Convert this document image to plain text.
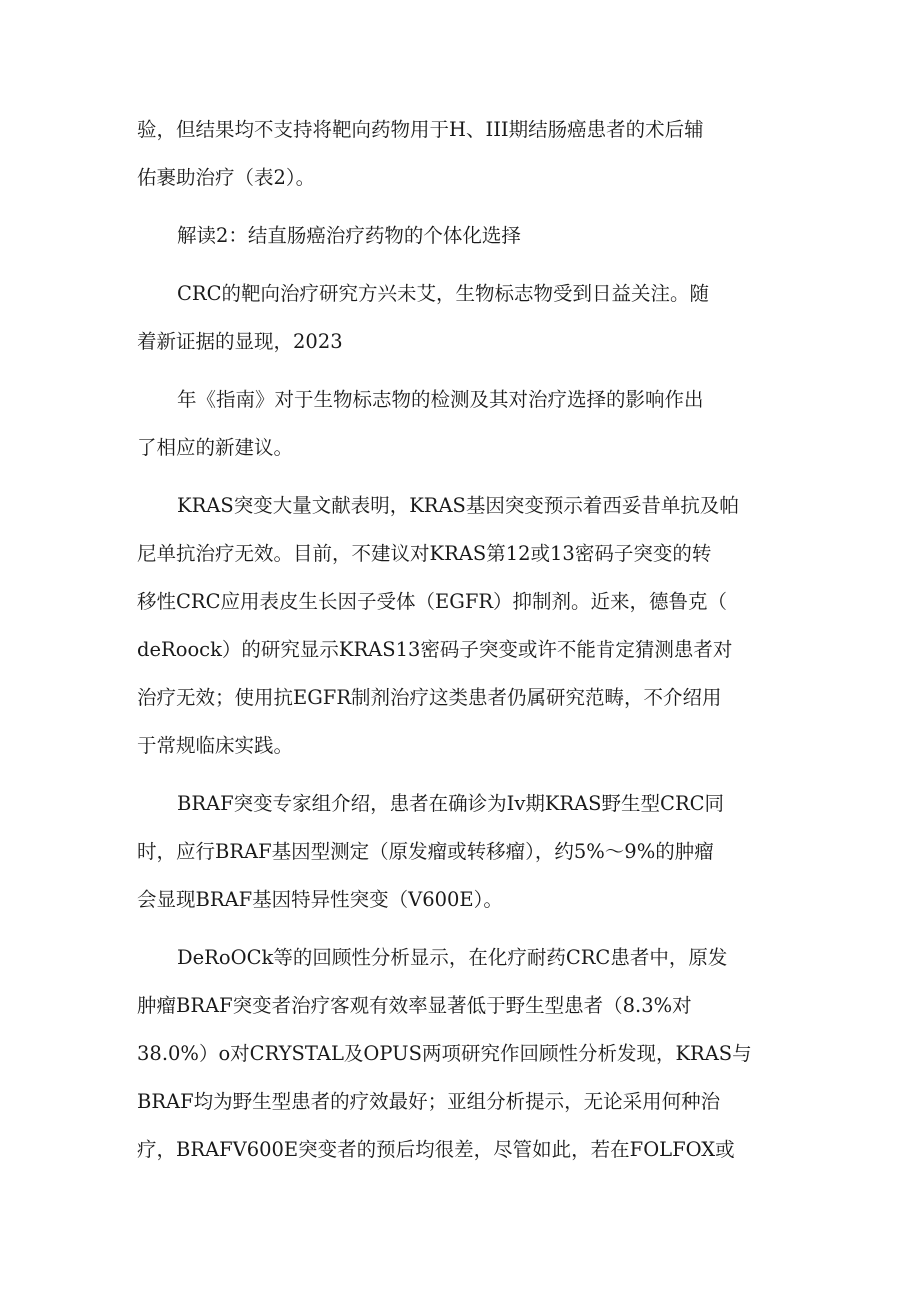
验，但结果均不支持将靶向药物用于H、III期结肠癌患者的术后辅
佑裹助治疗（表2）。

解读2：结直肠癌治疗药物的个体化选择

CRC的靶向治疗研究方兴未艾，生物标志物受到日益关注。随
着新证据的显现，2023

年《指南》对于生物标志物的检测及其对治疗选择的影响作出
了相应的新建议。

KRAS突变大量文献表明，KRAS基因突变预示着西妥昔单抗及帕
尼单抗治疗无效。目前，不建议对KRAS第12或13密码子突变的转
移性CRC应用表皮生长因子受体（EGFR）抑制剂。近来，德鲁克（
deRoock）的研究显示KRAS13密码子突变或许不能肯定猜测患者对
治疗无效；使用抗EGFR制剂治疗这类患者仍属研究范畴，不介绍用
于常规临床实践。

BRAF突变专家组介绍，患者在确诊为Iv期KRAS野生型CRC同
时，应行BRAF基因型测定（原发瘤或转移瘤），约5%～9%的肿瘤
会显现BRAF基因特异性突变（V600E）。

DeRoOCk等的回顾性分析显示，在化疗耐药CRC患者中，原发
肿瘤BRAF突变者治疗客观有效率显著低于野生型患者（8.3%对
38.0%）o对CRYSTAL及OPUS两项研究作回顾性分析发现，KRAS与
BRAF均为野生型患者的疗效最好；亚组分析提示，无论采用何种治
疗，BRAFV600E突变者的预后均很差，尽管如此，若在FOLFOX或
